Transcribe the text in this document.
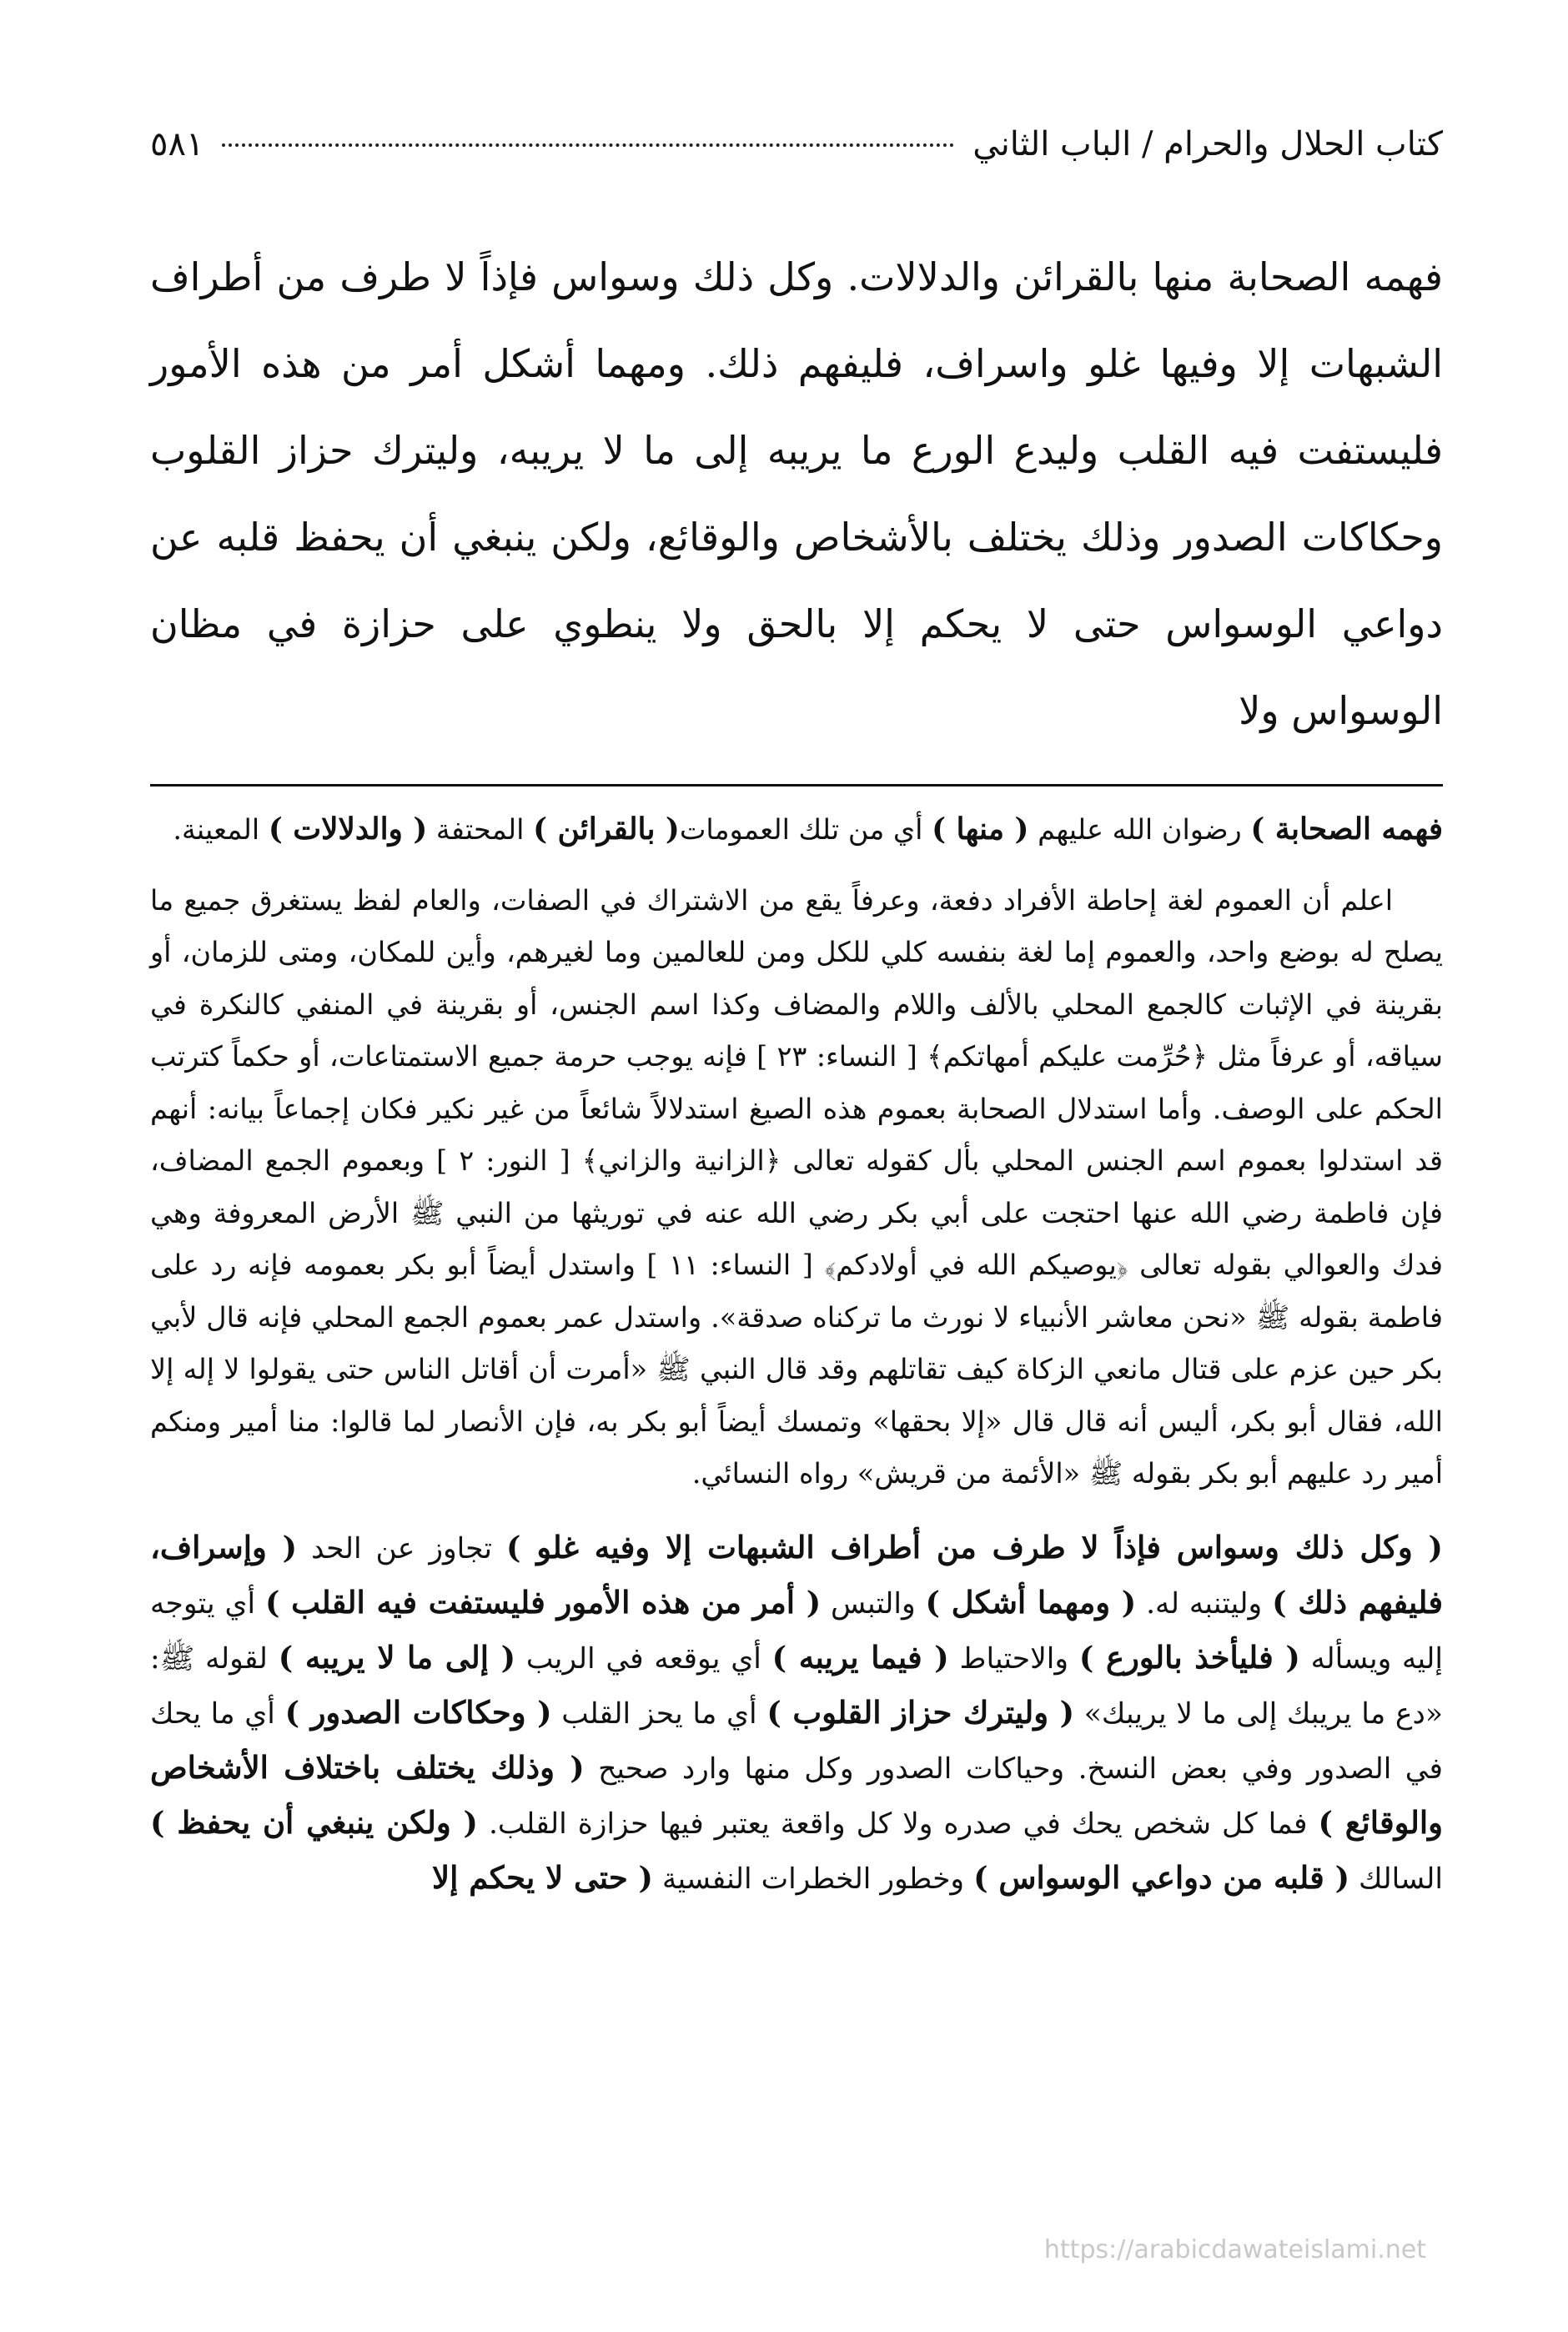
كتاب الحلال والحرام / الباب الثاني
٥٨١
فهمه الصحابة منها بالقرائن والدلالات. وكل ذلك وسواس فإذاً لا طرف من أطراف الشبهات إلا وفيها غلو واسراف، فليفهم ذلك. ومهما أشكل أمر من هذه الأمور فليستفت فيه القلب وليدع الورع ما يريبه إلى ما لا يريبه، وليترك حزاز القلوب وحكاكات الصدور وذلك يختلف بالأشخاص والوقائع، ولكن ينبغي أن يحفظ قلبه عن دواعي الوسواس حتى لا يحكم إلا بالحق ولا ينطوي على حزازة في مظان الوسواس ولا

فهمه الصحابة ) رضوان الله عليهم ( منها ) أي من تلك العمومات( بالقرائن ) المحتفة ( والدلالات ) المعينة.

اعلم أن العموم لغة إحاطة الأفراد دفعة، وعرفاً يقع من الاشتراك في الصفات، والعام لفظ يستغرق جميع ما يصلح له بوضع واحد، والعموم إما لغة بنفسه كلي للكل ومن للعالمين وما لغيرهم، وأين للمكان، ومتى للزمان، أو بقرينة في الإثبات كالجمع المحلي بالألف واللام والمضاف وكذا اسم الجنس، أو بقرينة في المنفي كالنكرة في سياقه، أو عرفاً مثل ﴿حُرِّمت عليكم أمهاتكم﴾ [ النساء: ٢٣ ] فإنه يوجب حرمة جميع الاستمتاعات، أو حكماً كترتب الحكم على الوصف. وأما استدلال الصحابة بعموم هذه الصيغ استدلالاً شائعاً من غير نكير فكان إجماعاً بيانه: أنهم قد استدلوا بعموم اسم الجنس المحلي بأل كقوله تعالى ﴿الزانية والزاني﴾ [ النور: ٢ ] وبعموم الجمع المضاف، فإن فاطمة رضي الله عنها احتجت على أبي بكر رضي الله عنه في توريثها من النبي ﷺ الأرض المعروفة وهي فدك والعوالي بقوله تعالى ﴿يوصيكم الله في أولادكم﴾ [ النساء: ١١ ] واستدل أيضاً أبو بكر بعمومه فإنه رد على فاطمة بقوله ﷺ «نحن معاشر الأنبياء لا نورث ما تركناه صدقة». واستدل عمر بعموم الجمع المحلي فإنه قال لأبي بكر حين عزم على قتال مانعي الزكاة كيف تقاتلهم وقد قال النبي ﷺ «أمرت أن أقاتل الناس حتى يقولوا لا إله إلا الله، فقال أبو بكر، أليس أنه قال قال «إلا بحقها» وتمسك أيضاً أبو بكر به، فإن الأنصار لما قالوا: منا أمير ومنكم أمير رد عليهم أبو بكر بقوله ﷺ «الأئمة من قريش» رواه النسائي.

( وكل ذلك وسواس فإذاً لا طرف من أطراف الشبهات إلا وفيه غلو ) تجاوز عن الحد ( وإسراف، فليفهم ذلك ) وليتنبه له. ( ومهما أشكل ) والتبس ( أمر من هذه الأمور فليستفت فيه القلب ) أي يتوجه إليه ويسأله ( فليأخذ بالورع ) والاحتياط ( فيما يريبه ) أي يوقعه في الريب ( إلى ما لا يريبه ) لقوله ﷺ: «دع ما يريبك إلى ما لا يريبك» ( وليترك حزاز القلوب ) أي ما يحز القلب ( وحكاكات الصدور ) أي ما يحك في الصدور وفي بعض النسخ. وحياكات الصدور وكل منها وارد صحيح ( وذلك يختلف باختلاف الأشخاص والوقائع ) فما كل شخص يحك في صدره ولا كل واقعة يعتبر فيها حزازة القلب. ( ولكن ينبغي أن يحفظ ) السالك ( قلبه من دواعي الوسواس ) وخطور الخطرات النفسية ( حتى لا يحكم إلا

https://arabicdawateislami.net
